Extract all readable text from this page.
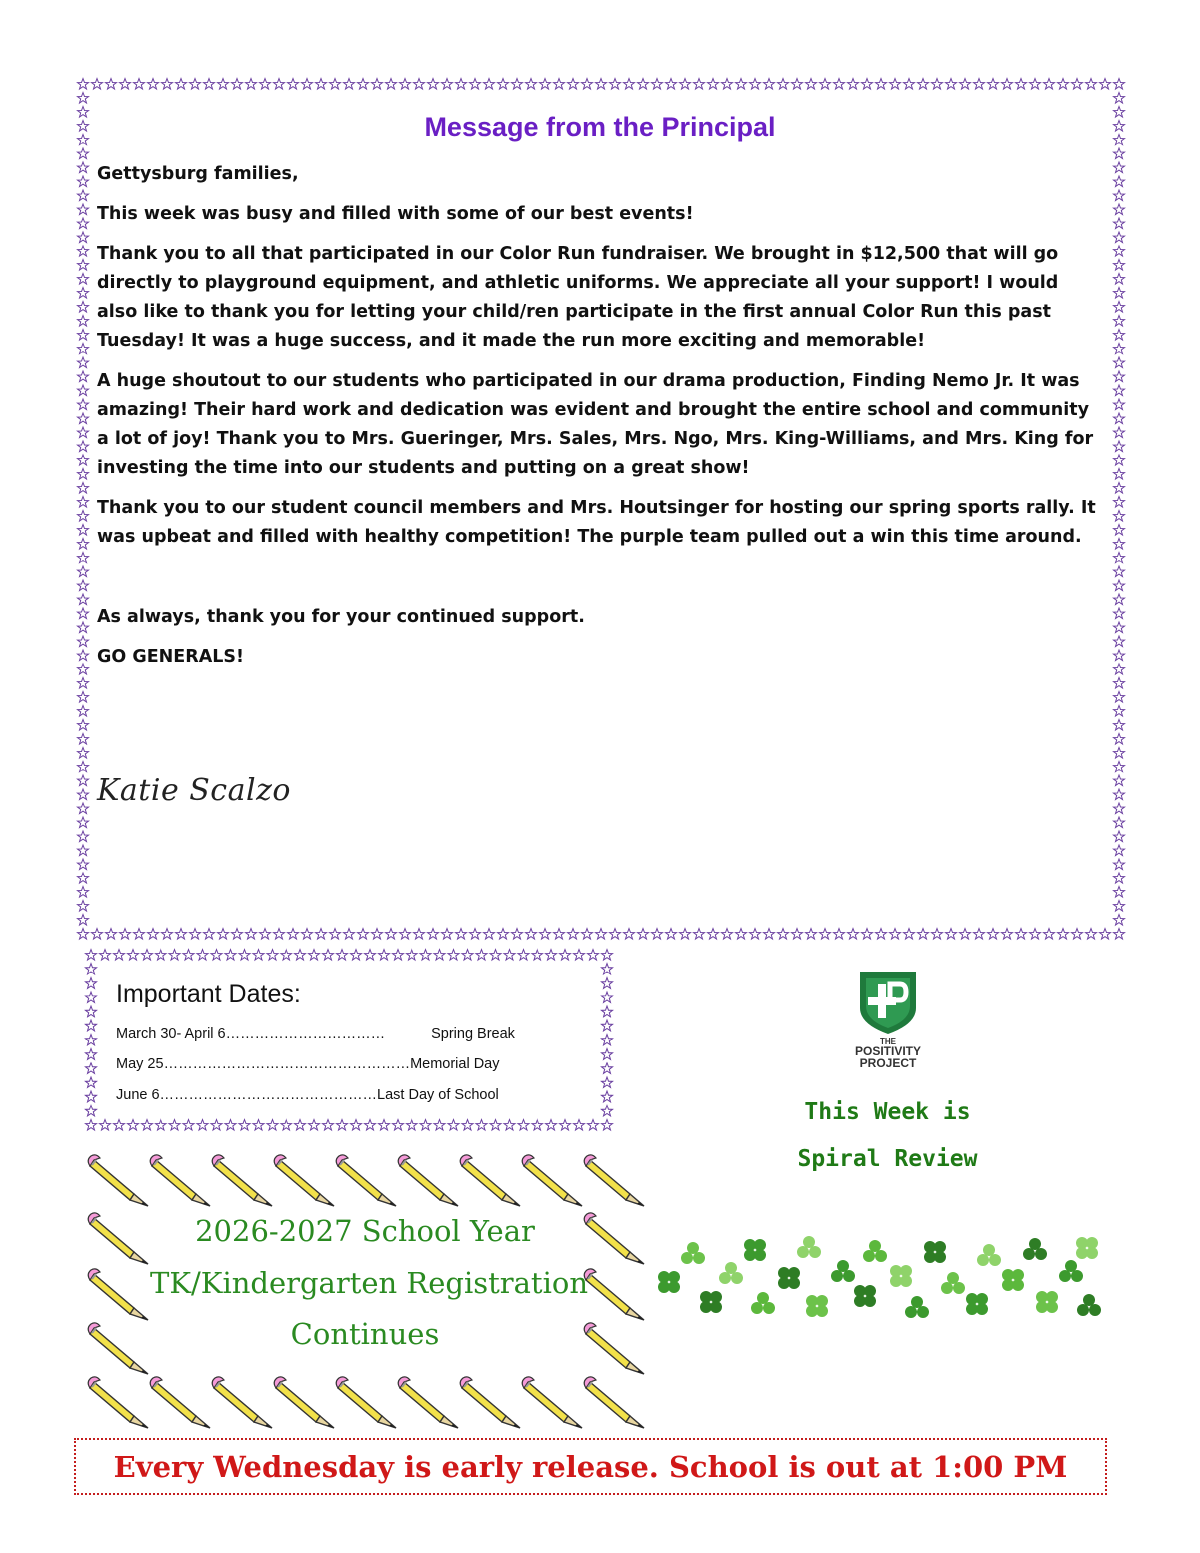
Message from the Principal

Gettysburg families,

This week was busy and filled with some of our best events!

Thank you to all that participated in our Color Run fundraiser. We brought in $12,500 that will go directly to playground equipment, and athletic uniforms. We appreciate all your support! I would also like to thank you for letting your child/ren participate in the first annual Color Run this past Tuesday! It was a huge success, and it made the run more exciting and memorable!

A huge shoutout to our students who participated in our drama production, Finding Nemo Jr. It was amazing! Their hard work and dedication was evident and brought the entire school and community a lot of joy! Thank you to Mrs. Gueringer, Mrs. Sales, Mrs. Ngo, Mrs. King-Williams, and Mrs. King for investing the time into our students and putting on a great show!

Thank you to our student council members and Mrs. Houtsinger for hosting our spring sports rally. It was upbeat and filled with healthy competition! The purple team pulled out a win this time around.

As always, thank you for your continued support.

GO GENERALS!

Katie Scalzo
Important Dates:
March 30- April 6……………………………	Spring Break
May 25……………………………………………Memorial Day
June 6………………………………………Last Day of School
THE
POSITIVITY
PROJECT
This Week is
Spiral Review
2026-2027 School Year
TK/Kindergarten Registration
Continues
Every Wednesday is early release. School is out at 1:00 PM
